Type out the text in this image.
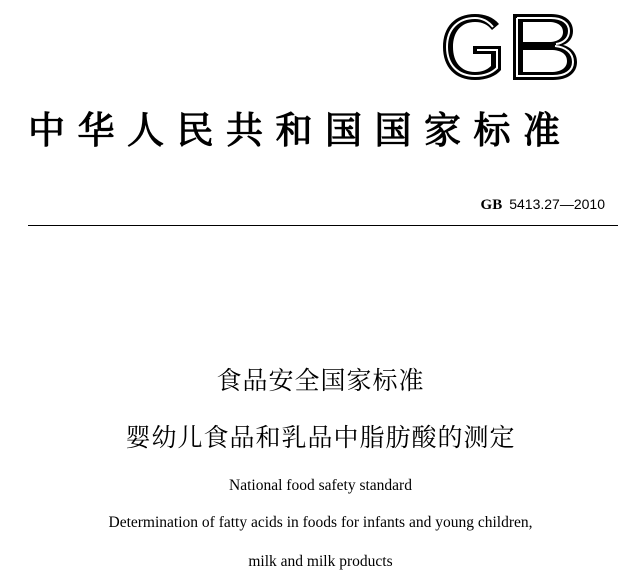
中华人民共和国国家标准
GB 5413.27—2010
食品安全国家标准
婴幼儿食品和乳品中脂肪酸的测定
National food safety standard
Determination of fatty acids in foods for infants and young children,
milk and milk products
